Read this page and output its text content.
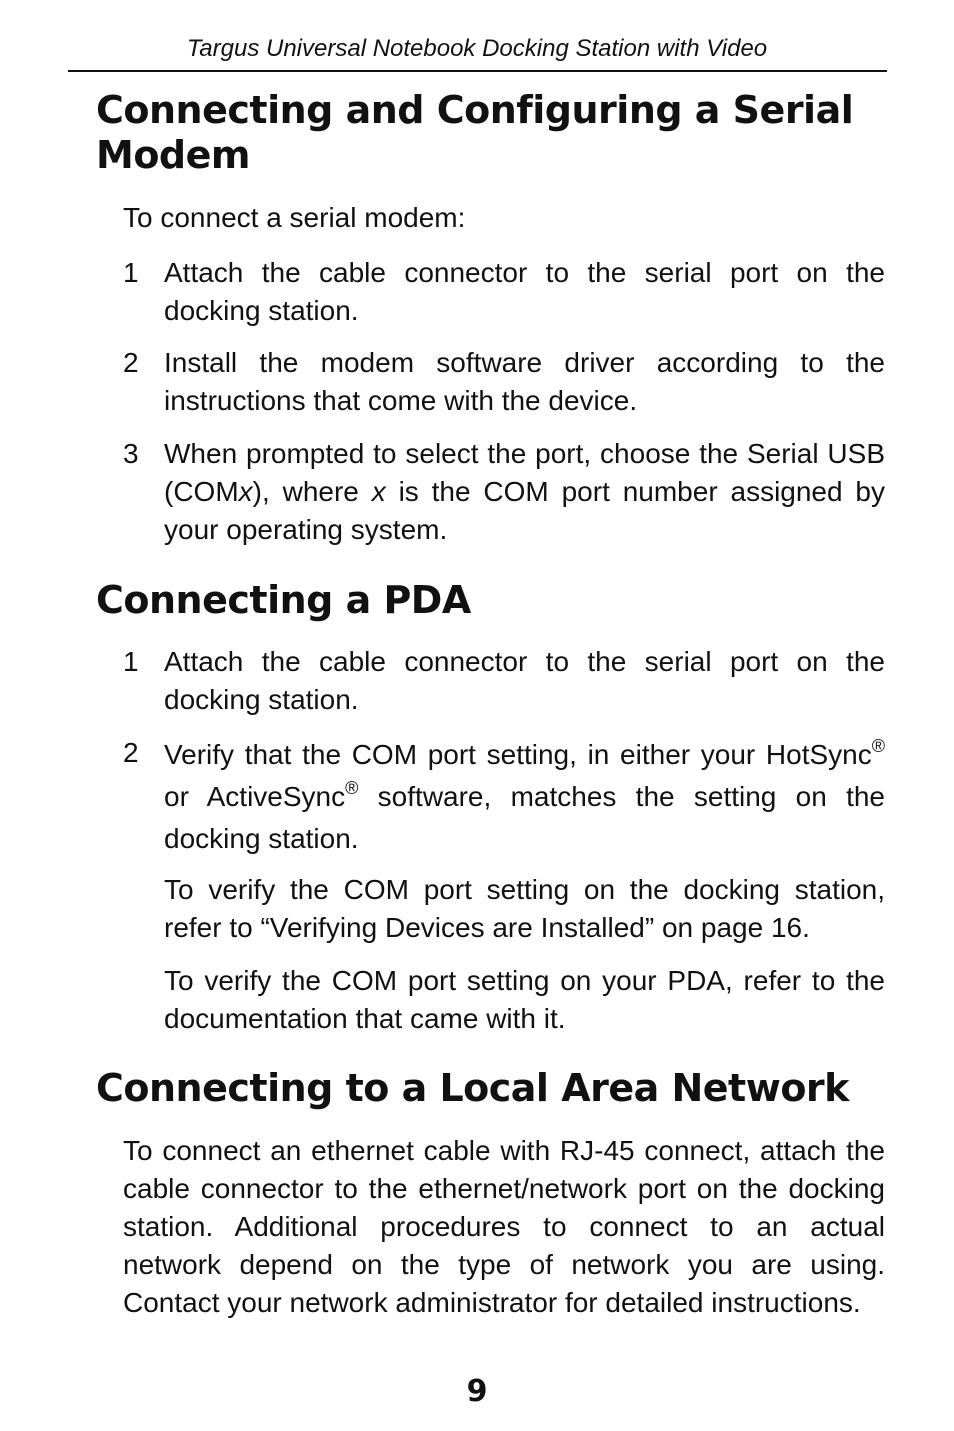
Targus Universal Notebook Docking Station with Video
Connecting and Configuring a Serial Modem
To connect a serial modem:
1 Attach the cable connector to the serial port on the docking station.
2 Install the modem software driver according to the instructions that come with the device.
3 When prompted to select the port, choose the Serial USB (COMx), where x is the COM port number assigned by your operating system.
Connecting a PDA
1 Attach the cable connector to the serial port on the docking station.
2 Verify that the COM port setting, in either your HotSync® or ActiveSync® software, matches the setting on the docking station.
To verify the COM port setting on the docking station, refer to “Verifying Devices are Installed” on page 16.
To verify the COM port setting on your PDA, refer to the documentation that came with it.
Connecting to a Local Area Network
To connect an ethernet cable with RJ-45 connect, attach the cable connector to the ethernet/network port on the docking station. Additional procedures to connect to an actual network depend on the type of network you are using. Contact your network administrator for detailed instructions.
9
